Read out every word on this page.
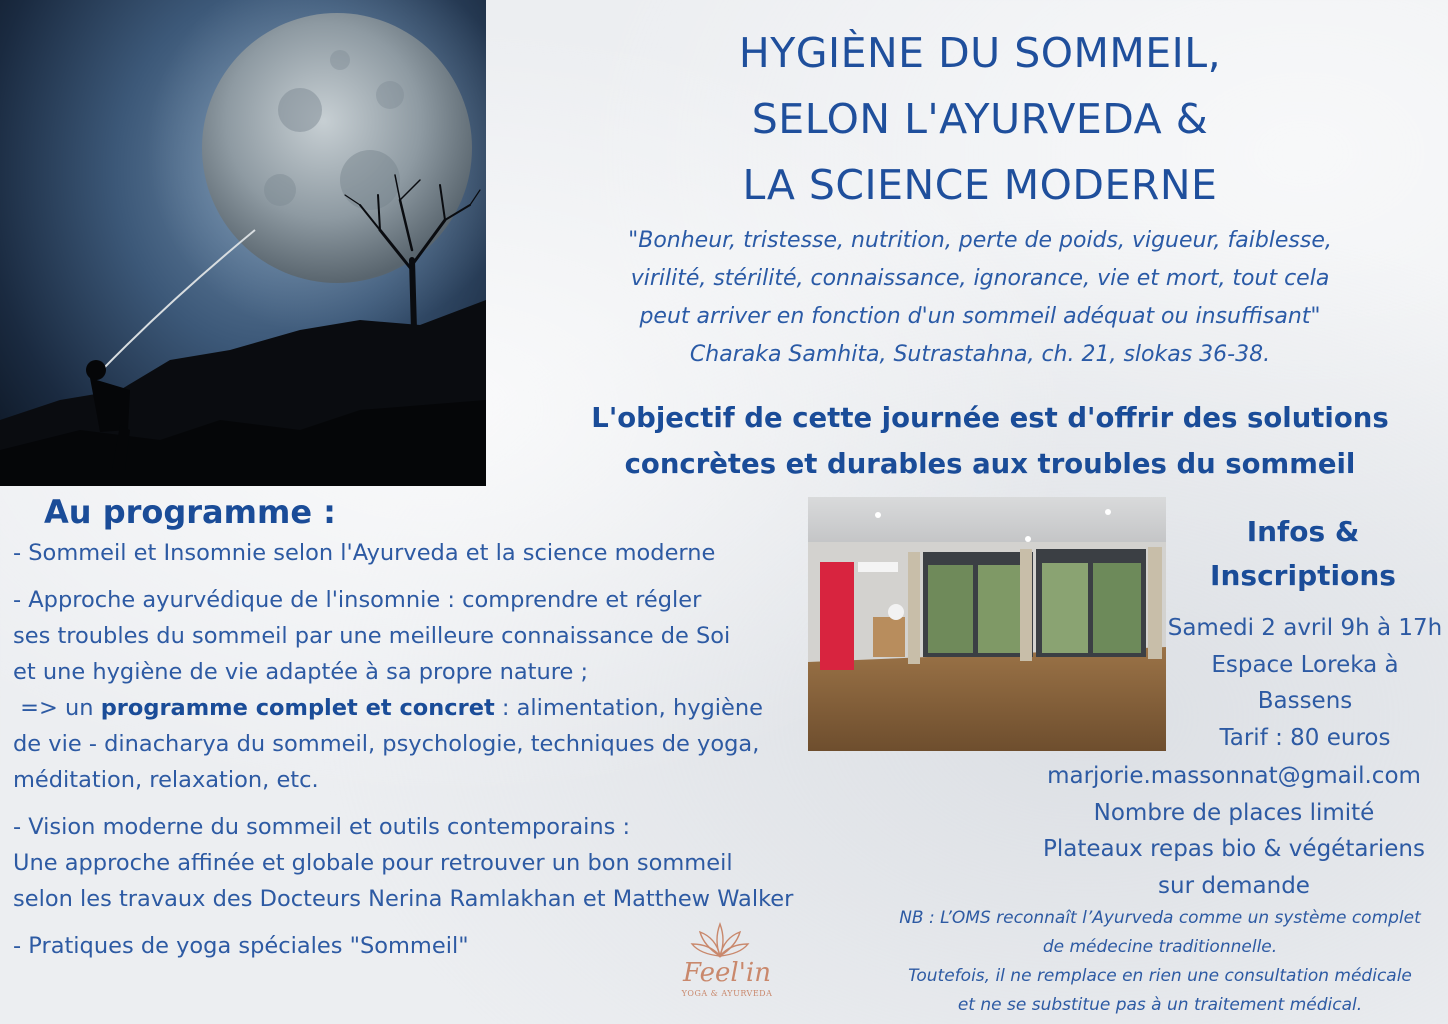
HYGIÈNE DU SOMMEIL,
SELON L'AYURVEDA &
LA SCIENCE MODERNE
"Bonheur, tristesse, nutrition, perte de poids, vigueur, faiblesse,
virilité, stérilité, connaissance, ignorance, vie et mort, tout cela
peut arriver en fonction d'un sommeil adéquat ou insuffisant"
Charaka Samhita, Sutrastahna, ch. 21, slokas 36-38.
L'objectif de cette journée est d'offrir des solutions
concrètes et durables aux troubles du sommeil
Au programme :
- Sommeil et Insomnie selon l'Ayurveda et la science moderne
- Approche ayurvédique de l'insomnie : comprendre et régler
ses troubles du sommeil par une meilleure connaissance de Soi
et une hygiène de vie adaptée à sa propre nature ;
=> un programme complet et concret : alimentation, hygiène
de vie - dinacharya du sommeil, psychologie, techniques de yoga,
méditation, relaxation, etc.
- Vision moderne du sommeil et outils contemporains :
Une approche affinée et globale pour retrouver un bon sommeil
selon les travaux des Docteurs Nerina Ramlakhan et Matthew Walker
- Pratiques de yoga spéciales "Sommeil"
Infos &
Inscriptions
Samedi 2 avril 9h à 17h
Espace Loreka à
Bassens
Tarif : 80 euros
marjorie.massonnat@gmail.com
Nombre de places limité
Plateaux repas bio & végétariens
sur demande
NB : L’OMS reconnaît l’Ayurveda comme un système complet
de médecine traditionnelle.
Toutefois, il ne remplace en rien une consultation médicale
et ne se substitue pas à un traitement médical.
Feel'in
YOGA & AYURVEDA
